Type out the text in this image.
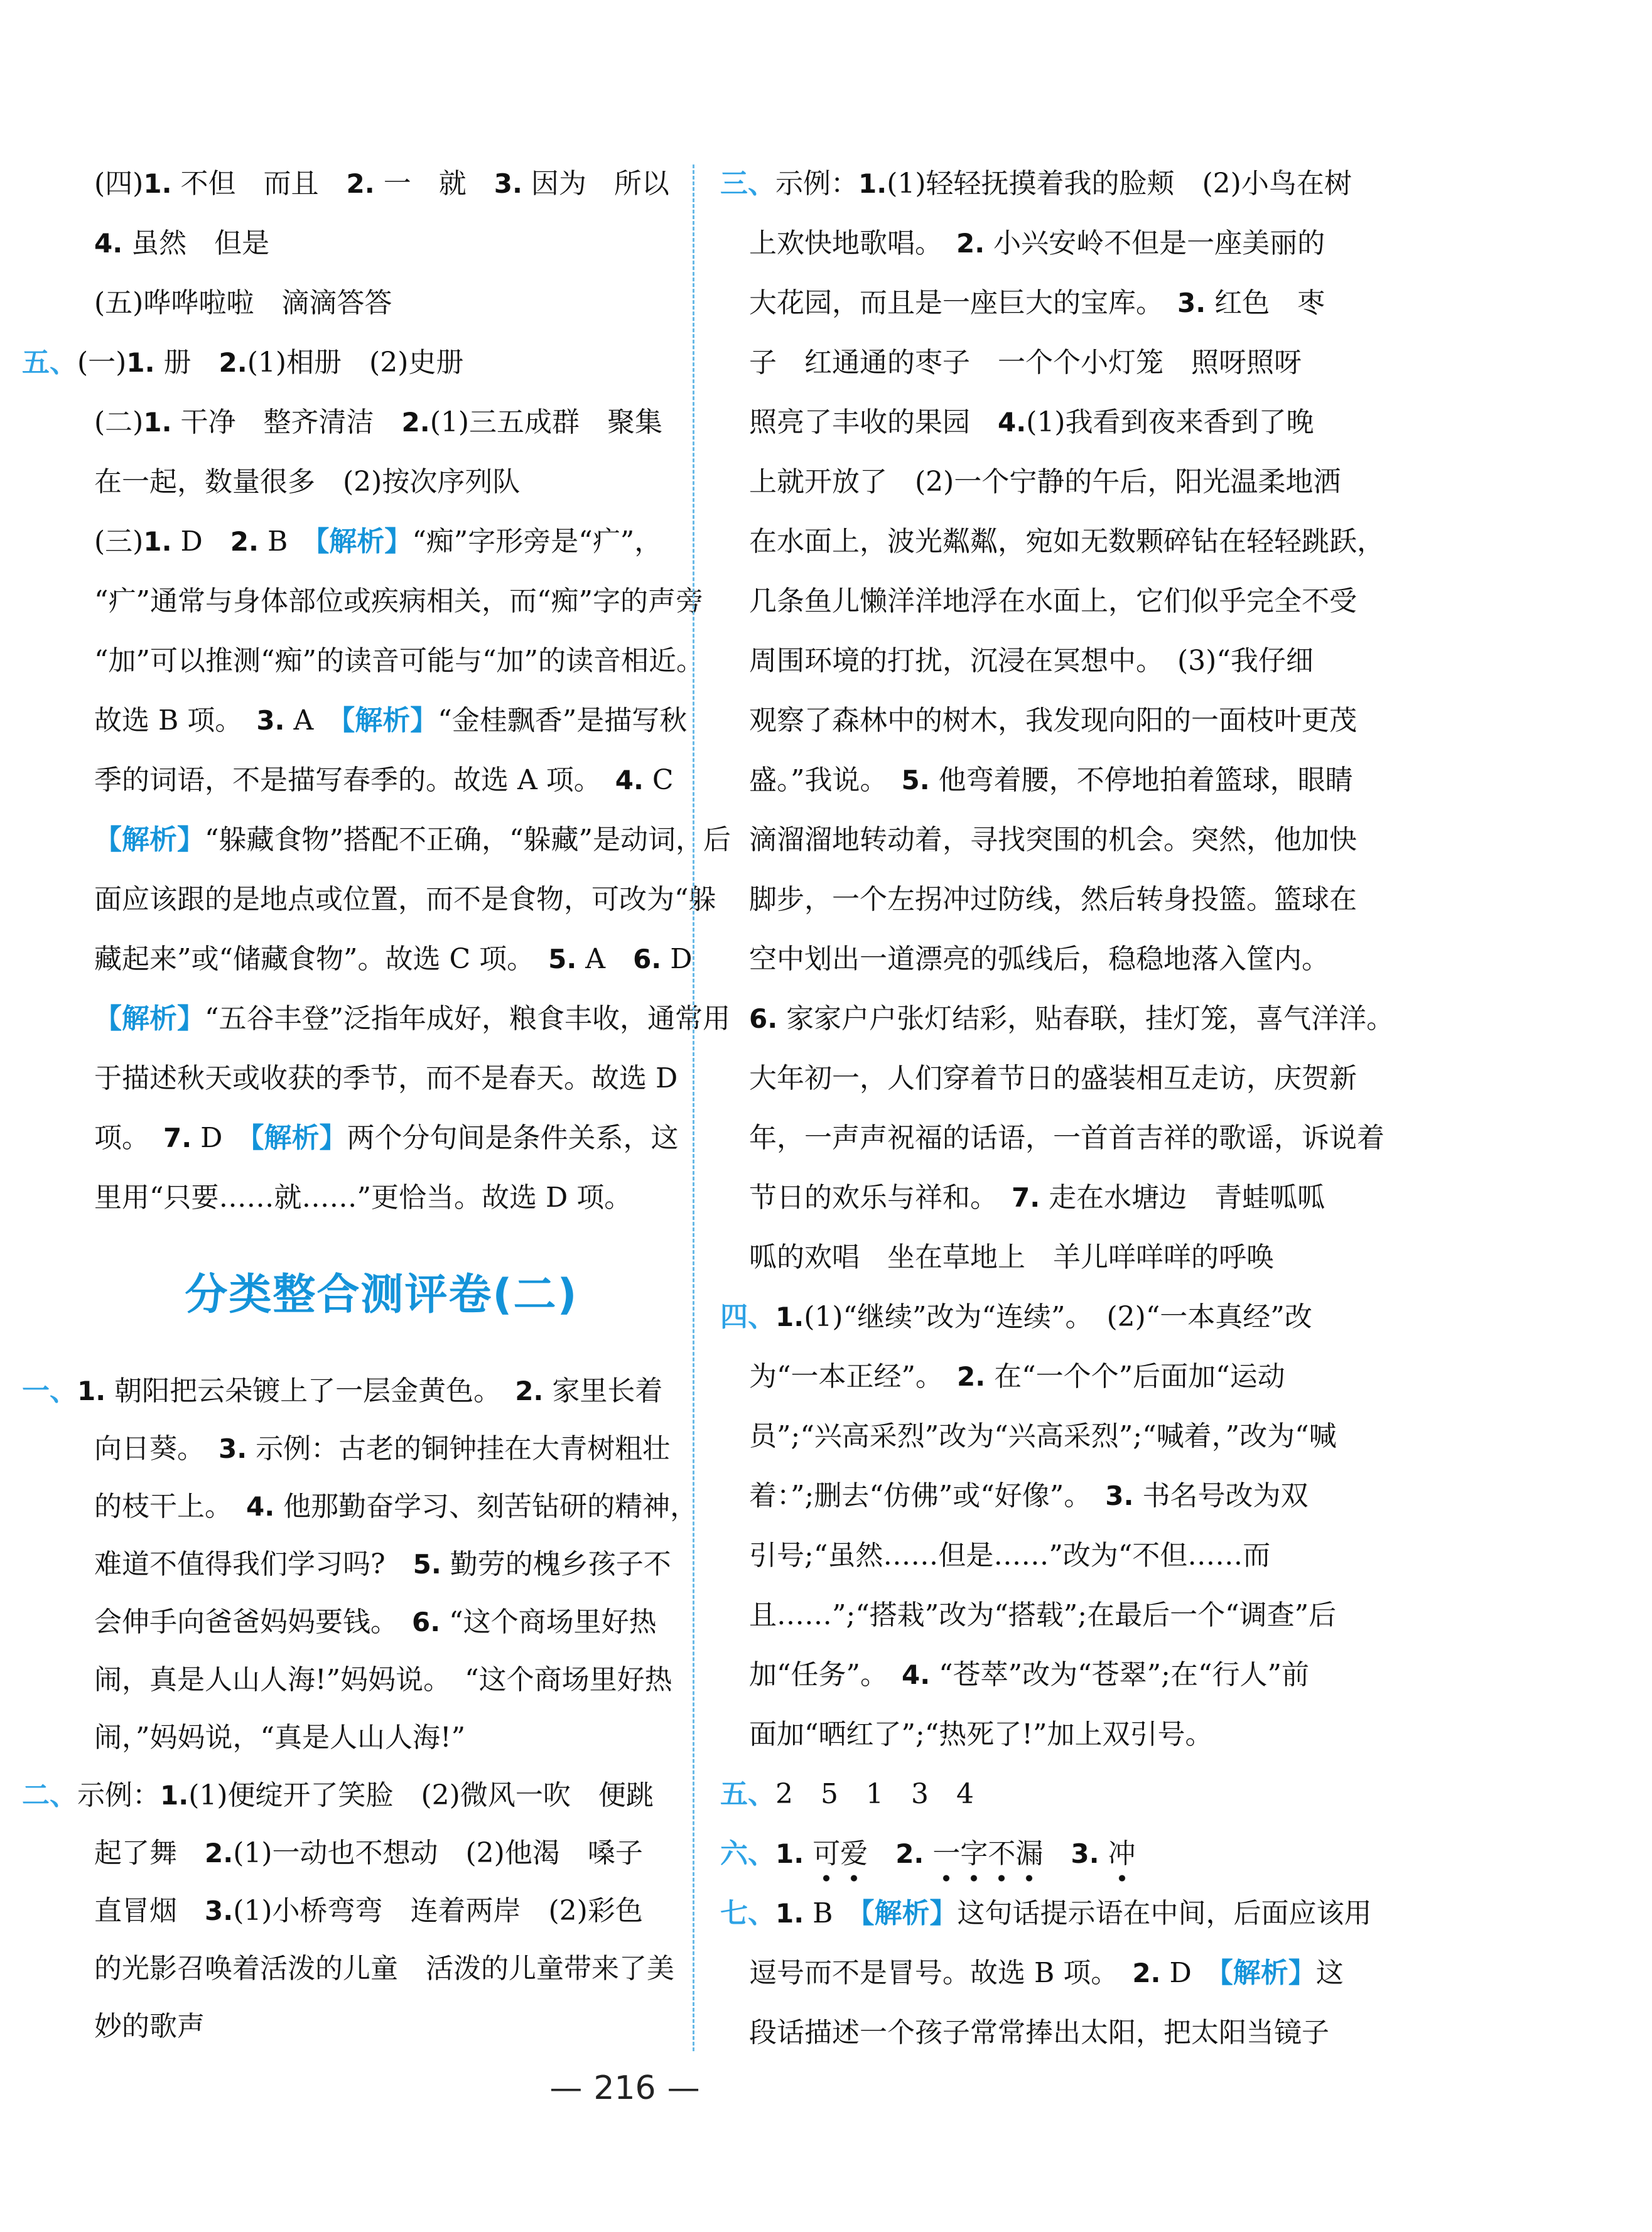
(四)1. 不但　而且　2. 一　就　3. 因为　所以
4. 虽然　但是
(五)哗哗啦啦　滴滴答答
五、(一)1. 册　2.(1)相册　(2)史册
(二)1. 干净　整齐清洁　2.(1)三五成群　聚集
在一起，数量很多　(2)按次序列队
(三)1. D　2. B　【解析】“痴”字形旁是“疒”，
“疒”通常与身体部位或疾病相关，而“痴”字的声旁
“加”可以推测“痴”的读音可能与“加”的读音相近。
故选 B 项。　3. A　【解析】“金桂飘香”是描写秋
季的词语，不是描写春季的。故选 A 项。　4. C
【解析】“躲藏食物”搭配不正确，“躲藏”是动词，后
面应该跟的是地点或位置，而不是食物，可改为“躲
藏起来”或“储藏食物”。故选 C 项。　5. A　6. D
【解析】“五谷丰登”泛指年成好，粮食丰收，通常用
于描述秋天或收获的季节，而不是春天。故选 D
项。　7. D　【解析】两个分句间是条件关系，这
里用“只要……就……”更恰当。故选 D 项。
分类整合测评卷(二)
一、1. 朝阳把云朵镀上了一层金黄色。　2. 家里长着
向日葵。　3. 示例：古老的铜钟挂在大青树粗壮
的枝干上。　4. 他那勤奋学习、刻苦钻研的精神，
难道不值得我们学习吗?　5. 勤劳的槐乡孩子不
会伸手向爸爸妈妈要钱。　6. “这个商场里好热
闹，真是人山人海!”妈妈说。　“这个商场里好热
闹，”妈妈说，“真是人山人海!”
二、示例：1.(1)便绽开了笑脸　(2)微风一吹　便跳
起了舞　2.(1)一动也不想动　(2)他渴　嗓子
直冒烟　3.(1)小桥弯弯　连着两岸　(2)彩色
的光影召唤着活泼的儿童　活泼的儿童带来了美
妙的歌声
三、示例：1.(1)轻轻抚摸着我的脸颊　(2)小鸟在树
上欢快地歌唱。　2. 小兴安岭不但是一座美丽的
大花园，而且是一座巨大的宝库。　3. 红色　枣
子　红通通的枣子　一个个小灯笼　照呀照呀
照亮了丰收的果园　4.(1)我看到夜来香到了晚
上就开放了　(2)一个宁静的午后，阳光温柔地洒
在水面上，波光粼粼，宛如无数颗碎钻在轻轻跳跃，
几条鱼儿懒洋洋地浮在水面上，它们似乎完全不受
周围环境的打扰，沉浸在冥想中。　(3)“我仔细
观察了森林中的树木，我发现向阳的一面枝叶更茂
盛。”我说。　5. 他弯着腰，不停地拍着篮球，眼睛
滴溜溜地转动着，寻找突围的机会。突然，他加快
脚步，一个左拐冲过防线，然后转身投篮。篮球在
空中划出一道漂亮的弧线后，稳稳地落入筐内。
6. 家家户户张灯结彩，贴春联，挂灯笼，喜气洋洋。
大年初一，人们穿着节日的盛装相互走访，庆贺新
年，一声声祝福的话语，一首首吉祥的歌谣，诉说着
节日的欢乐与祥和。　7. 走在水塘边　青蛙呱呱
呱的欢唱　坐在草地上　羊儿咩咩咩的呼唤
四、1.(1)“继续”改为“连续”。　(2)“一本真经”改
为“一本正经”。　2. 在“一个个”后面加“运动
员”;“兴高采烈”改为“兴高采烈”;“喊着，”改为“喊
着：”;删去“仿佛”或“好像”。　3. 书名号改为双
引号;“虽然……但是……”改为“不但……而
且……”;“搭栽”改为“搭载”;在最后一个“调查”后
加“任务”。　4. “苍萃”改为“苍翠”;在“行人”前
面加“晒红了”;“热死了!”加上双引号。
五、2　5　1　3　4
六、1. 可爱　 2. 一字不漏　 3. 冲
七、1. B　【解析】这句话提示语在中间，后面应该用
逗号而不是冒号。故选 B 项。　2. D　【解析】这
段话描述一个孩子常常捧出太阳，把太阳当镜子
— 216 —
